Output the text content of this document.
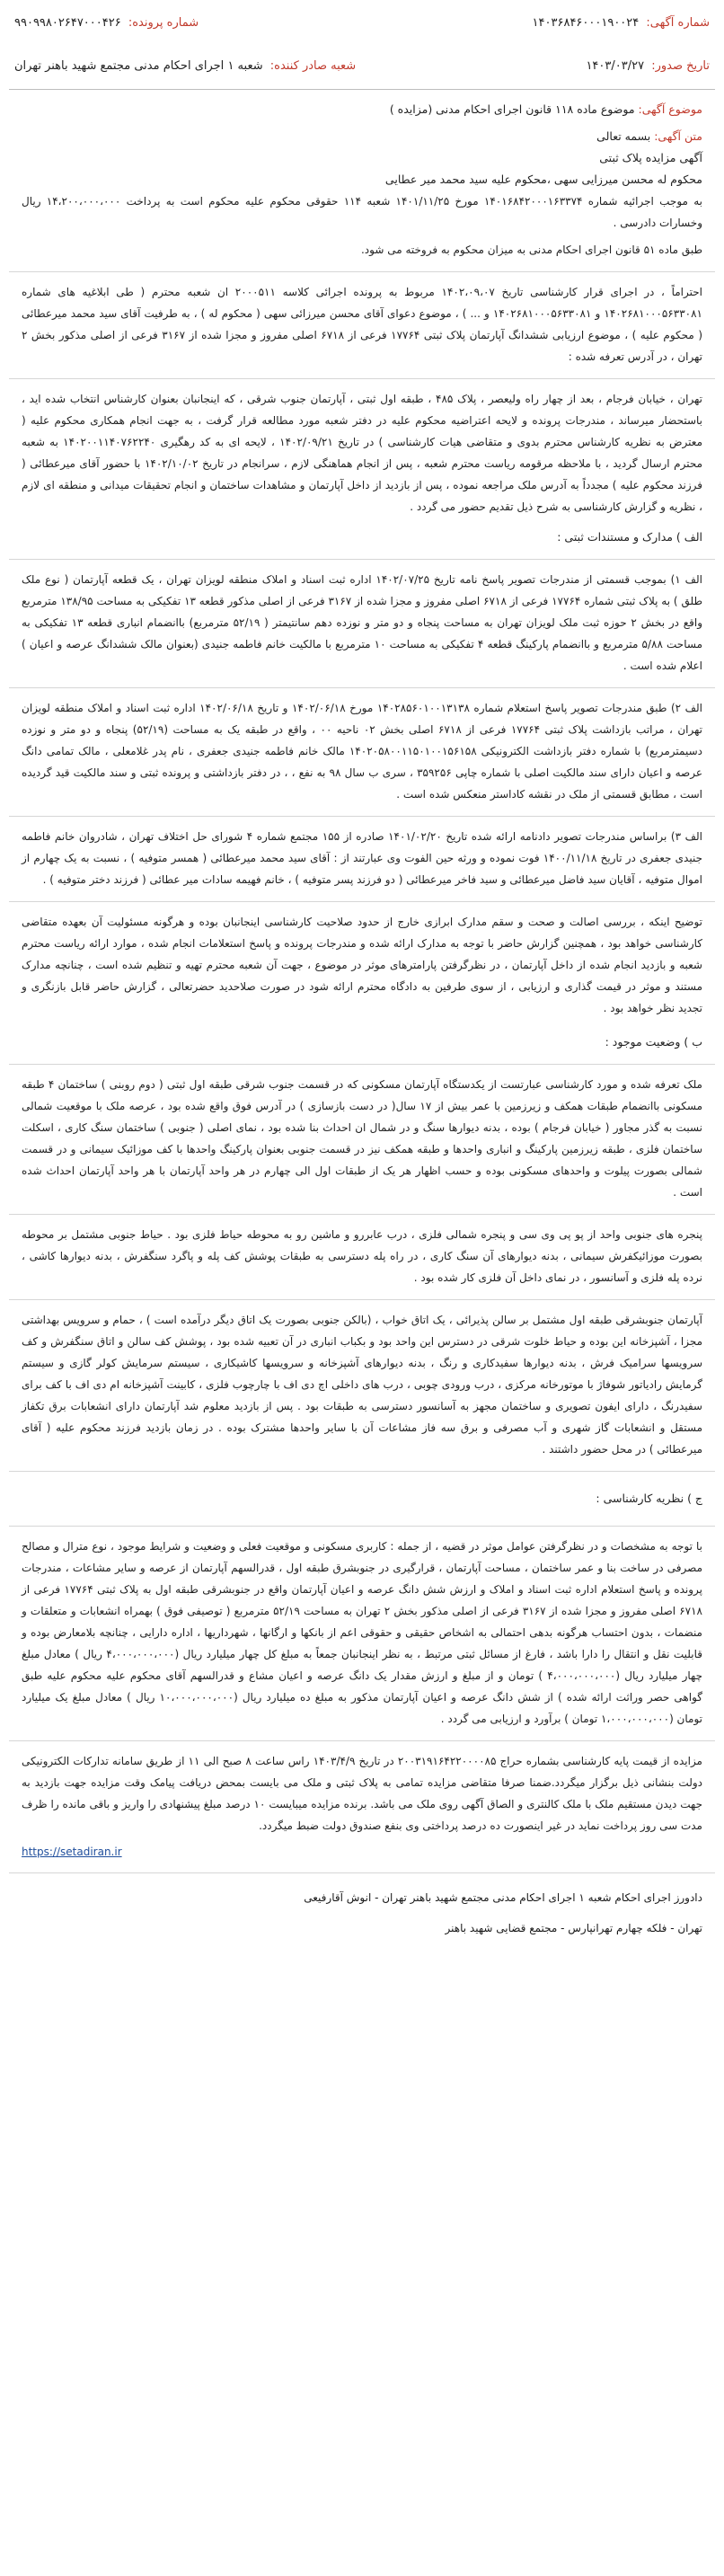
شماره آگهی: ۱۴۰۳۶۸۴۶۰۰۰۱۹۰۰۲۴
شماره پرونده: ۹۹۰۹۹۸۰۲۶۴۷۰۰۰۴۲۶
تاریخ صدور: ۱۴۰۳/۰۳/۲۷
شعبه صادر کننده: شعبه ۱ اجرای احکام مدنی مجتمع شهید باهنر تهران
موضوع آگهی: موضوع ماده ۱۱۸ قانون اجرای احکام مدنی (مزایده )
متن آگهی: بسمه تعالی
آگهی مزایده پلاک ثبتی
محکوم له محسن میرزایی سهی ،محکوم علیه سید محمد میر عطایی
به موجب اجرائیه شماره ۱۴۰۱۶۸۴۲۰۰۰۱۶۳۳۷۴ مورخ ۱۴۰۱/۱۱/۲۵ شعبه ۱۱۴ حقوقی محکوم علیه محکوم است به پرداخت ۱۴،۲۰۰،۰۰۰،۰۰۰ ریال وخسارات دادرسی .
طبق ماده ۵۱ قانون اجرای احکام مدنی به میزان محکوم به فروخته می شود.
احتراماً ، در اجرای قرار کارشناسی تاریخ ۱۴۰۲،۰۹،۰۷ مربوط به پرونده اجرائی کلاسه ۲۰۰۰۵۱۱ ان شعبه محترم ( طی ابلاغیه های شماره ۱۴۰۲۶۸۱۰۰۰۵۶۳۳۰۸۱ و ۱۴۰۲۶۸۱۰۰۰۵۶۳۳۰۸۱ و ... ) ، موضوع دعوای آقای محسن میرزائی سهی ( محکوم له ) ، به طرفیت آقای سید محمد میرعطائی ( محکوم علیه ) ، موضوع ارزیابی ششدانگ آپارتمان پلاک ثبتی ۱۷۷۶۴ فرعی از ۶۷۱۸ اصلی مفروز و مجزا شده از ۳۱۶۷ فرعی از اصلی مذکور بخش ۲ تهران ، در آدرس تعرفه شده :
تهران ، خیابان فرجام ، بعد از چهار راه ولیعصر ، پلاک ۴۸۵ ، طبقه اول ثبتی ، آپارتمان جنوب شرقی ، که اینجانبان بعنوان کارشناس انتخاب شده اید ، باستحضار میرساند ، مندرجات پرونده و لایحه اعتراضیه محکوم علیه در دفتر شعبه مورد مطالعه قرار گرفت ، به جهت انجام همکاری محکوم علیه ( معترض به نظریه کارشناس محترم بدوی و متقاضی هیات کارشناسی ) در تاریخ ۱۴۰۲/۰۹/۲۱ ، لایحه ای به کد رهگیری ۱۴۰۲۰۰۱۱۴۰۷۶۲۲۴۰ به شعبه محترم ارسال گردید ، با ملاحظه مرقومه ریاست محترم شعبه ، پس از انجام هماهنگی لازم ، سرانجام در تاریخ ۱۴۰۲/۱۰/۰۲ با حضور آقای میرعطائی ( فرزند محکوم علیه ) مجدداً به آدرس ملک مراجعه نموده ، پس از بازدید از داخل آپارتمان و مشاهدات ساختمان و انجام تحقیقات میدانی و منطقه ای لازم ، نظریه و گزارش کارشناسی به شرح ذیل تقدیم حضور می گردد .
الف ) مدارک و مستندات ثبتی :
الف ۱) بموجب قسمتی از مندرجات تصویر پاسخ نامه تاریخ ۱۴۰۲/۰۷/۲۵ اداره ثبت اسناد و املاک منطقه لویزان تهران ، یک قطعه آپارتمان ( نوع ملک طلق ) به پلاک ثبتی شماره ۱۷۷۶۴ فرعی از ۶۷۱۸ اصلی مفروز و مجزا شده از ۳۱۶۷ فرعی از اصلی مذکور قطعه ۱۳ تفکیکی به مساحت ۱۳۸/۹۵ مترمربع واقع در بخش ۲ حوزه ثبت ملک لویزان تهران به مساحت پنجاه و دو متر و نوزده دهم سانتیمتر ( ۵۲/۱۹ مترمربع) باانضمام انباری قطعه ۱۳ تفکیکی به مساحت ۵/۸۸ مترمربع و باانضمام پارکینگ قطعه ۴ تفکیکی به مساحت ۱۰ مترمربع با مالکیت خانم فاطمه جنیدی (بعنوان مالک ششدانگ عرصه و اعیان ) اعلام شده است .
الف ۲) طبق مندرجات تصویر پاسخ استعلام شماره ۱۴۰۲۸۵۶۰۱۰۰۱۳۱۳۸ مورخ ۱۴۰۲/۰۶/۱۸ و تاریخ ۱۴۰۲/۰۶/۱۸ اداره ثبت اسناد و املاک منطقه لویزان تهران ، مراتب بازداشت پلاک ثبتی ۱۷۷۶۴ فرعی از ۶۷۱۸ اصلی بخش ۰۲ ناحیه ۰۰ ، واقع در طبقه یک به مساحت (۵۲/۱۹) پنجاه و دو متر و نوزده دسیمترمربع) با شماره دفتر بازداشت الکترونیکی ۱۴۰۲۰۵۸۰۰۱۱۵۰۱۰۰۱۵۶۱۵۸ مالک خانم فاطمه جنیدی جعفری ، نام پدر غلامعلی ، مالک تمامی دانگ عرصه و اعیان دارای سند مالکیت اصلی با شماره چاپی ۳۵۹۲۵۶ ، سری ب سال ۹۸ به نفع ، ، در دفتر بازداشتی و پرونده ثبتی و سند مالکیت قید گردیده است ، مطابق قسمتی از ملک در نقشه کاداستر منعکس شده است .
الف ۳) براساس مندرجات تصویر دادنامه ارائه شده تاریخ ۱۴۰۱/۰۲/۲۰ صادره از ۱۵۵ مجتمع شماره ۴ شورای حل اختلاف تهران ، شادروان خانم فاطمه جنیدی جعفری در تاریخ ۱۴۰۰/۱۱/۱۸ فوت نموده و ورثه حین الفوت وی عبارتند از : آقای سید محمد میرعطائی ( همسر متوفیه ) ، نسبت به یک چهارم از اموال متوفیه ، آقایان سید فاضل میرعطائی و سید فاخر میرعطائی ( دو فرزند پسر متوفیه ) ، خانم فهیمه سادات میر عطائی ( فرزند دختر متوفیه ) .
توضیح اینکه ، بررسی اصالت و صحت و سقم مدارک ابرازی خارج از حدود صلاحیت کارشناسی اینجانبان بوده و هرگونه مسئولیت آن بعهده متقاضی کارشناسی خواهد بود ، همچنین گزارش حاضر با توجه به مدارک ارائه شده و مندرجات پرونده و پاسخ استعلامات انجام شده ، موارد ارائه ریاست محترم شعبه و بازدید انجام شده از داخل آپارتمان ، در نظرگرفتن پارامترهای موثر در موضوع ، جهت آن شعبه محترم تهیه و تنظیم شده است ، چنانچه مدارک مستند و موثر در قیمت گذاری و ارزیابی ، از سوی طرفین به دادگاه محترم ارائه شود در صورت صلاحدید حضرتعالی ، گزارش حاضر قابل بازنگری و تجدید نظر خواهد بود .
ب ) وضعیت موجود :
ملک تعرفه شده و مورد کارشناسی عبارتست از یکدستگاه آپارتمان مسکونی که در قسمت جنوب شرقی طبقه اول ثبتی ( دوم روبنی ) ساختمان ۴ طبقه مسکونی باانضمام طبقات همکف و زیرزمین با عمر بیش از ۱۷ سال( در دست بازسازی ) در آدرس فوق واقع شده بود ، عرصه ملک با موقعیت شمالی نسبت به گذر مجاور ( خیابان فرجام ) بوده ، بدنه دیوارها سنگ و در شمال ان احداث بنا شده بود ، نمای اصلی ( جنوبی ) ساختمان سنگ کاری ، اسکلت ساختمان فلزی ، طبقه زیرزمین پارکینگ و انباری واحدها و طبقه همکف نیز در قسمت جنوبی بعنوان پارکینگ واحدها با کف موزائیک سیمانی و در قسمت شمالی بصورت پیلوت و واحدهای مسکونی بوده و حسب اظهار هر یک از طبقات اول الی چهارم در هر واحد آپارتمان با هر واحد آپارتمان احداث شده است .
پنجره های جنوبی واحد از پو پی وی سی و پنجره شمالی فلزی ، درب عابررو و ماشین رو به محوطه حیاط فلزی بود . حیاط جنوبی مشتمل بر محوطه بصورت موزائیکفرش سیمانی ، بدنه دیوارهای آن سنگ کاری ، در راه پله دسترسی به طبقات پوشش کف پله و پاگرد سنگفرش ، بدنه دیوارها کاشی ، نرده پله فلزی و آسانسور ، در نمای داخل آن فلزی کار شده بود .
آپارتمان جنوبشرقی طبقه اول مشتمل بر سالن پذیرائی ، یک اتاق خواب ، (بالکن جنوبی بصورت یک اتاق دیگر درآمده است ) ، حمام و سرویس بهداشتی مجزا ، آشپزخانه این بوده و حیاط خلوت شرقی در دسترس این واحد بود و بکباب انباری در آن تعبیه شده بود ، پوشش کف سالن و اتاق سنگفرش و کف سرویسها سرامیک فرش ، بدنه دیوارها سفیدکاری و رنگ ، بدنه دیوارهای آشپزخانه و سرویسها کاشیکاری ، سیستم سرمایش کولر گازی و سیستم گرمایش رادیاتور شوفاژ با موتورخانه مرکزی ، درب ورودی چوبی ، درب های داخلی اچ دی اف با چارچوب فلزی ، کابینت آشپزخانه ام دی اف با کف برای سفیدرنگ ، دارای ایفون تصویری و ساختمان مجهز به آسانسور دسترسی به طبقات بود . پس از بازدید معلوم شد آپارتمان دارای انشعابات برق تکفاز مستقل و انشعابات گاز شهری و آب مصرفی و برق سه فاز مشاعات آن با سایر واحدها مشترک بوده . در زمان بازدید فرزند محکوم علیه ( آقای میرعطائی ) در محل حضور داشتند .
ج ) نظریه کارشناسی :
با توجه به مشخصات و در نظرگرفتن عوامل موثر در قضیه ، از جمله : کاربری مسکونی و موقعیت فعلی و وضعیت و شرایط موجود ، نوع مترال و مصالح مصرفی در ساخت بنا و عمر ساختمان ، مساحت آپارتمان ، قرارگیری در جنوبشرق طبقه اول ، قدرالسهم آپارتمان از عرصه و سایر مشاعات ، مندرجات پرونده و پاسخ استعلام اداره ثبت اسناد و املاک و ارزش شش دانگ عرصه و اعیان آپارتمان واقع در جنوبشرقی طبقه اول به پلاک ثبتی ۱۷۷۶۴ فرعی از ۶۷۱۸ اصلی مفروز و مجزا شده از ۳۱۶۷ فرعی از اصلی مذکور بخش ۲ تهران به مساحت ۵۲/۱۹ مترمربع ( توصیفی فوق ) بهمراه انشعابات و متعلقات و منضمات ، بدون احتساب هرگونه بدهی احتمالی به اشخاص حقیقی و حقوقی اعم از بانکها و ارگانها ، شهرداریها ، اداره دارایی ، چنانچه بلامعارض بوده و قابلیت نقل و انتقال را دارا باشد ، فارغ از مسائل ثبتی مرتبط ، به نظر اینجانبان جمعاً به مبلغ کل چهار میلیارد ریال (۴،۰۰۰،۰۰۰،۰۰۰ ریال ) معادل مبلغ چهار میلیارد ریال (۴،۰۰۰،۰۰۰،۰۰۰ ) تومان و از مبلغ و ارزش مقدار یک دانگ عرصه و اعیان مشاع و قدرالسهم آقای محکوم علیه محکوم علیه طبق گواهی حصر وراثت ارائه شده ) از شش دانگ عرصه و اعیان آپارتمان مذکور به مبلغ ده میلیارد ریال (۱۰،۰۰۰،۰۰۰،۰۰۰ ریال ) معادل مبلغ یک میلیارد تومان (۱،۰۰۰،۰۰۰،۰۰۰ تومان ) برآورد و ارزیابی می گردد .
مزایده از قیمت پایه کارشناسی بشماره حراج ۲۰۰۳۱۹۱۶۴۲۲۰۰۰۰۸۵ در تاریخ ۱۴۰۳/۴/۹ راس ساعت ۸ صبح الی ۱۱ از طریق سامانه تدارکات الکترونیکی دولت بنشانی ذیل برگزار میگردد.ضمنا صرفا متقاضی مزایده تمامی به پلاک ثبتی و ملک می بایست بمحض دریافت پیامک وقت مزایده جهت بازدید به جهت دیدن مستقیم ملک با ملک کالنتری و الصاق آگهی روی ملک می باشد. برنده مزایده میبایست ۱۰ درصد مبلغ پیشنهادی را واریز و باقی مانده را ظرف مدت سی روز پرداخت نماید در غیر اینصورت ده درصد پرداختی وی بنفع صندوق دولت ضبط میگردد.
https://setadiran.ir
دادورز اجرای احکام شعبه ۱ اجرای احکام مدنی مجتمع شهید باهنر تهران - انوش آقارفیعی
تهران - فلکه چهارم تهرانپارس - مجتمع قضایی شهید باهنر
